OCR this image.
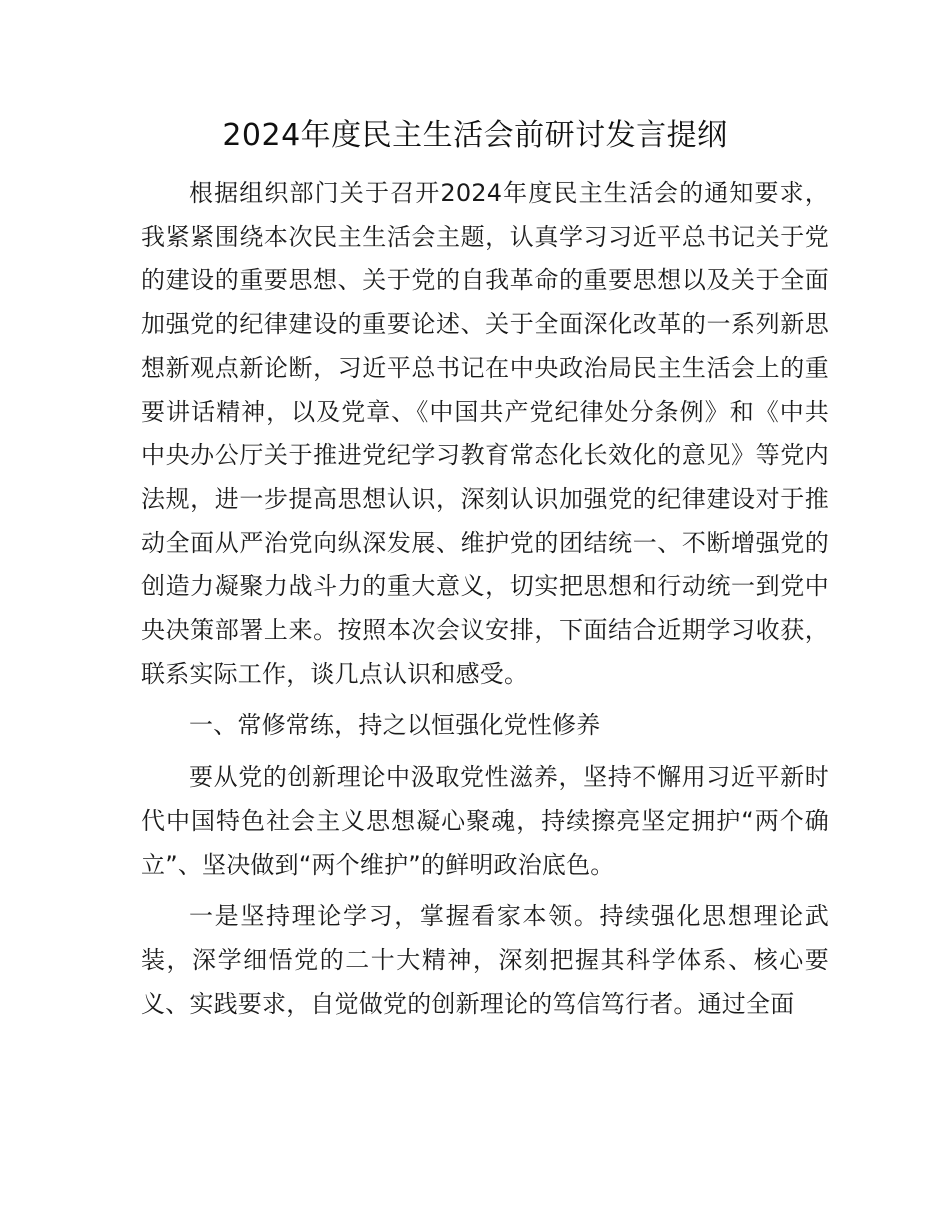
2024年度民主生活会前研讨发言提纲

根据组织部门关于召开2024年度民主生活会的通知要求，我紧紧围绕本次民主生活会主题，认真学习习近平总书记关于党的建设的重要思想、关于党的自我革命的重要思想以及关于全面加强党的纪律建设的重要论述、关于全面深化改革的一系列新思想新观点新论断，习近平总书记在中央政治局民主生活会上的重要讲话精神，以及党章、《中国共产党纪律处分条例》和《中共中央办公厅关于推进党纪学习教育常态化长效化的意见》等党内法规，进一步提高思想认识，深刻认识加强党的纪律建设对于推动全面从严治党向纵深发展、维护党的团结统一、不断增强党的创造力凝聚力战斗力的重大意义，切实把思想和行动统一到党中央决策部署上来。按照本次会议安排，下面结合近期学习收获，联系实际工作，谈几点认识和感受。

一、常修常练，持之以恒强化党性修养

要从党的创新理论中汲取党性滋养，坚持不懈用习近平新时代中国特色社会主义思想凝心聚魂，持续擦亮坚定拥护“两个确立”、坚决做到“两个维护”的鲜明政治底色。

一是坚持理论学习，掌握看家本领。持续强化思想理论武装，深学细悟党的二十大精神，深刻把握其科学体系、核心要义、实践要求，自觉做党的创新理论的笃信笃行者。通过全面
